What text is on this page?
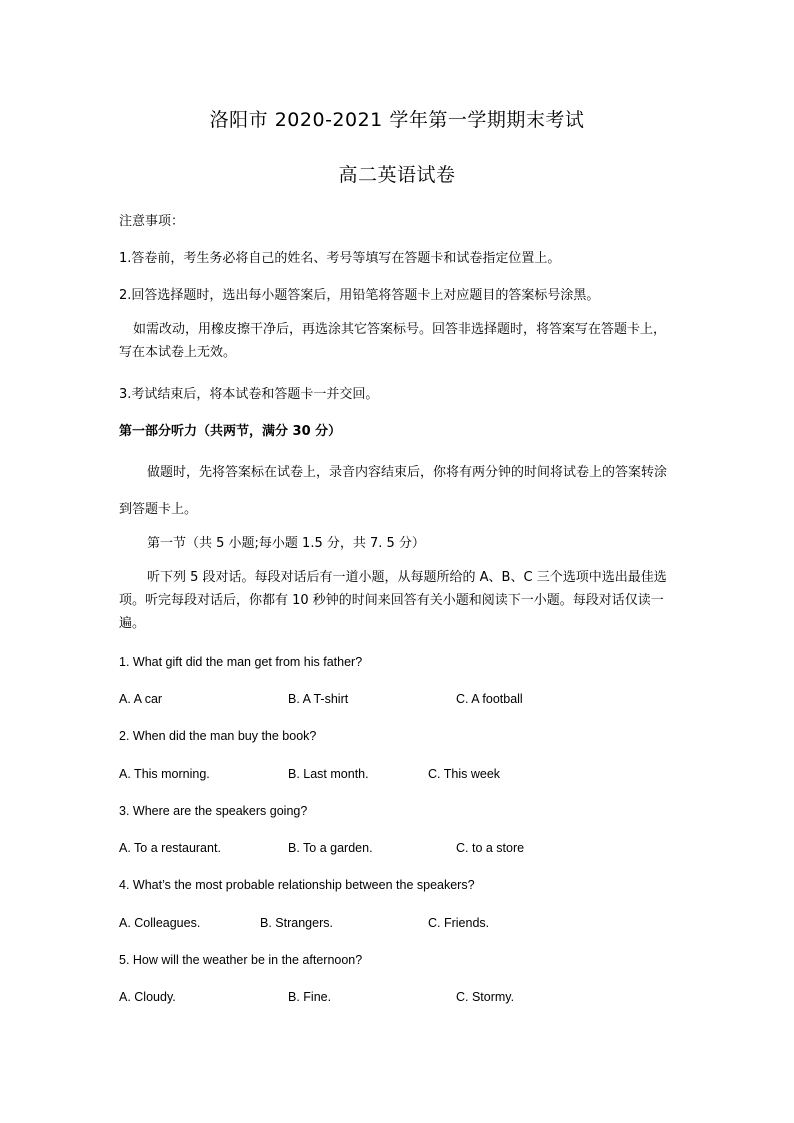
洛阳市 2020-2021 学年第一学期期末考试
高二英语试卷
注意事项：
1.答卷前，考生务必将自己的姓名、考号等填写在答题卡和试卷指定位置上。
2.回答选择题时，选出每小题答案后，用铅笔将答题卡上对应题目的答案标号涂黑。
如需改动，用橡皮擦干净后，再选涂其它答案标号。回答非选择题时，将答案写在答题卡上，写在本试卷上无效。
3.考试结束后，将本试卷和答题卡一并交回。
第一部分听力（共两节，满分 30 分）
做题时，先将答案标在试卷上，录音内容结束后，你将有两分钟的时间将试卷上的答案转涂到答题卡上。
第一节（共 5 小题;每小题 1.5 分，共 7. 5 分）
听下列 5 段对话。每段对话后有一道小题，从每题所给的 A、B、C 三个选项中选出最佳选项。听完每段对话后，你都有 10 秒钟的时间来回答有关小题和阅读下一小题。每段对话仅读一遍。
1. What gift did the man get from his father?
A. A car	B. A T-shirt	C. A football
2. When did the man buy the book?
A. This morning.	B. Last month.	C. This week
3. Where are the speakers going?
A. To a restaurant.	B. To a garden.	C. to a store
4. What’s the most probable relationship between the speakers?
A. Colleagues.	B. Strangers.	C. Friends.
5. How will the weather be in the afternoon?
A. Cloudy.	B. Fine.	C. Stormy.
